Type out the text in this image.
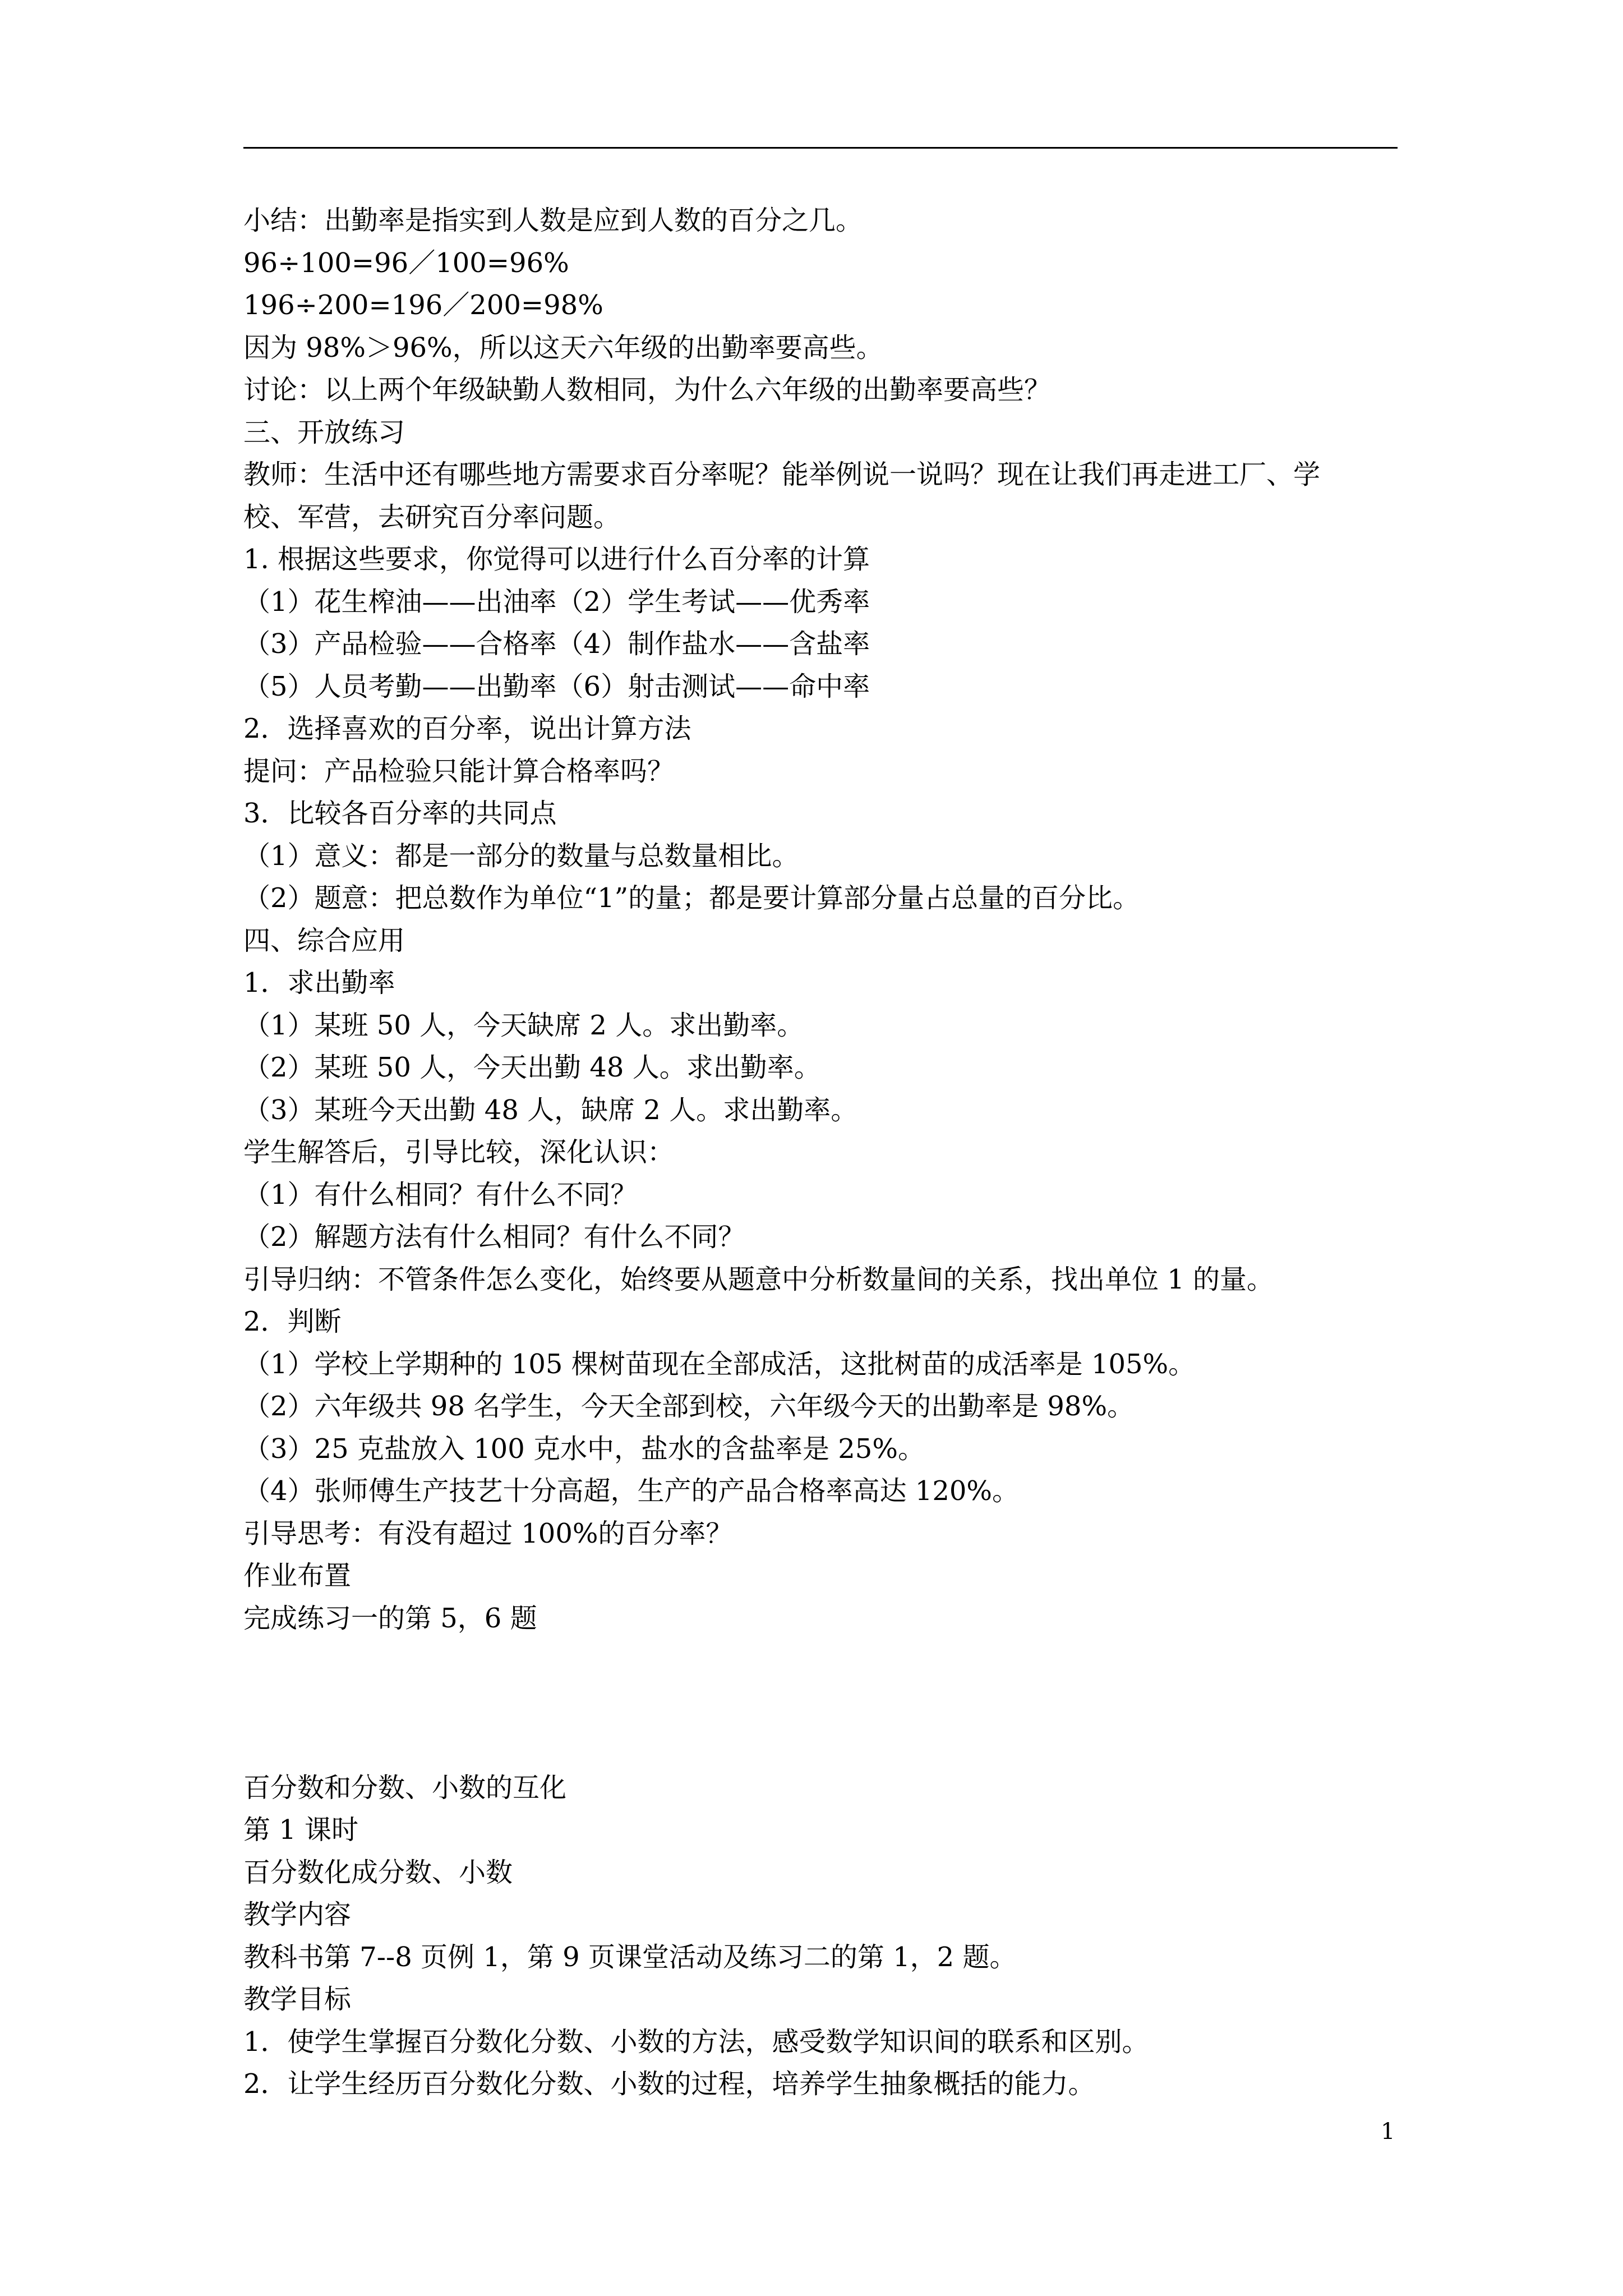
小结：出勤率是指实到人数是应到人数的百分之几。
96÷100=96／100=96%
196÷200=196／200=98%
因为 98%＞96%，所以这天六年级的出勤率要高些。
讨论：以上两个年级缺勤人数相同，为什么六年级的出勤率要高些？
三、开放练习
教师：生活中还有哪些地方需要求百分率呢？能举例说一说吗？现在让我们再走进工厂、学
校、军营，去研究百分率问题。
1. 根据这些要求，你觉得可以进行什么百分率的计算
（1）花生榨油——出油率（2）学生考试——优秀率
（3）产品检验——合格率（4）制作盐水——含盐率
（5）人员考勤——出勤率（6）射击测试——命中率
2．选择喜欢的百分率，说出计算方法
提问：产品检验只能计算合格率吗？
3．比较各百分率的共同点
（1）意义：都是一部分的数量与总数量相比。
（2）题意：把总数作为单位“1”的量；都是要计算部分量占总量的百分比。
四、综合应用
1．求出勤率
（1）某班 50 人，今天缺席 2 人。求出勤率。
（2）某班 50 人，今天出勤 48 人。求出勤率。
（3）某班今天出勤 48 人，缺席 2 人。求出勤率。
学生解答后，引导比较，深化认识：
（1）有什么相同？有什么不同？
（2）解题方法有什么相同？有什么不同？
引导归纳：不管条件怎么变化，始终要从题意中分析数量间的关系，找出单位 1 的量。
2．判断
（1）学校上学期种的 105 棵树苗现在全部成活，这批树苗的成活率是 105%。
（2）六年级共 98 名学生，今天全部到校，六年级今天的出勤率是 98%。
（3）25 克盐放入 100 克水中，盐水的含盐率是 25%。
（4）张师傅生产技艺十分高超，生产的产品合格率高达 120%。
引导思考：有没有超过 100%的百分率？
作业布置
完成练习一的第 5，6 题
百分数和分数、小数的互化
第 1 课时
百分数化成分数、小数
教学内容
教科书第 7--8 页例 1，第 9 页课堂活动及练习二的第 1，2 题。
教学目标
1．使学生掌握百分数化分数、小数的方法，感受数学知识间的联系和区别。
2．让学生经历百分数化分数、小数的过程，培养学生抽象概括的能力。
1
